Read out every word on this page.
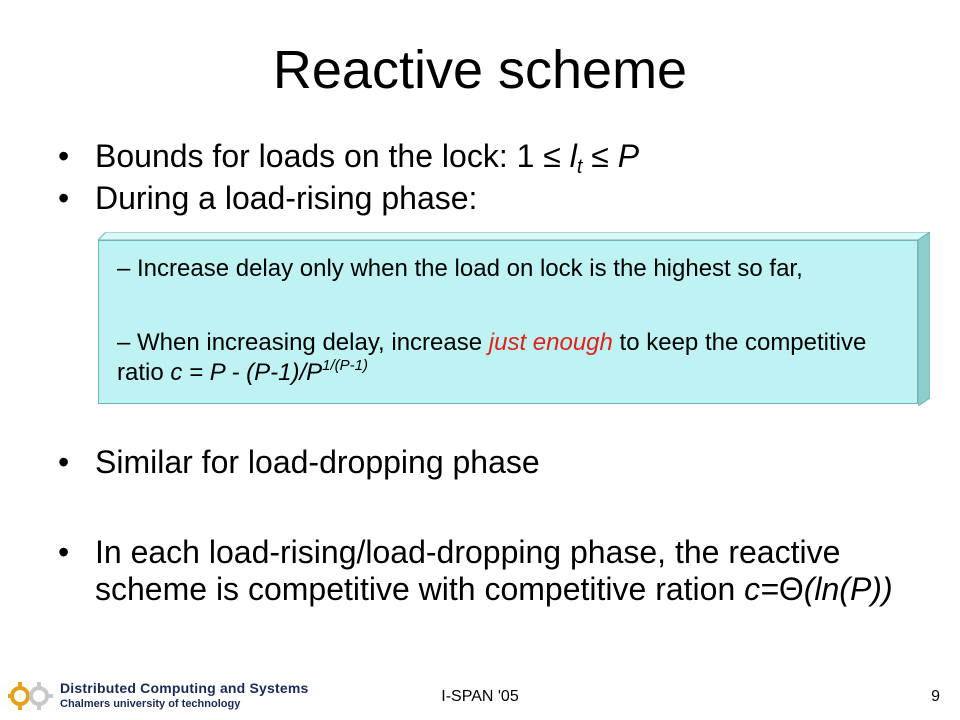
Reactive scheme
• Bounds for loads on the lock: $1 \le l_t \le P$
• During a load-rising phase:
– Increase delay only when the load on lock is the highest so far,
– When increasing delay, increase just enough to keep the competitive ratio $c = P - (P-1)/P^{1/(P-1)}$
• Similar for load-dropping phase
• In each load-rising/load-dropping phase, the reactive scheme is competitive with competitive ration c=Θ(ln(P))
Distributed Computing and Systems
Chalmers university of technology	I-SPAN '05	9
